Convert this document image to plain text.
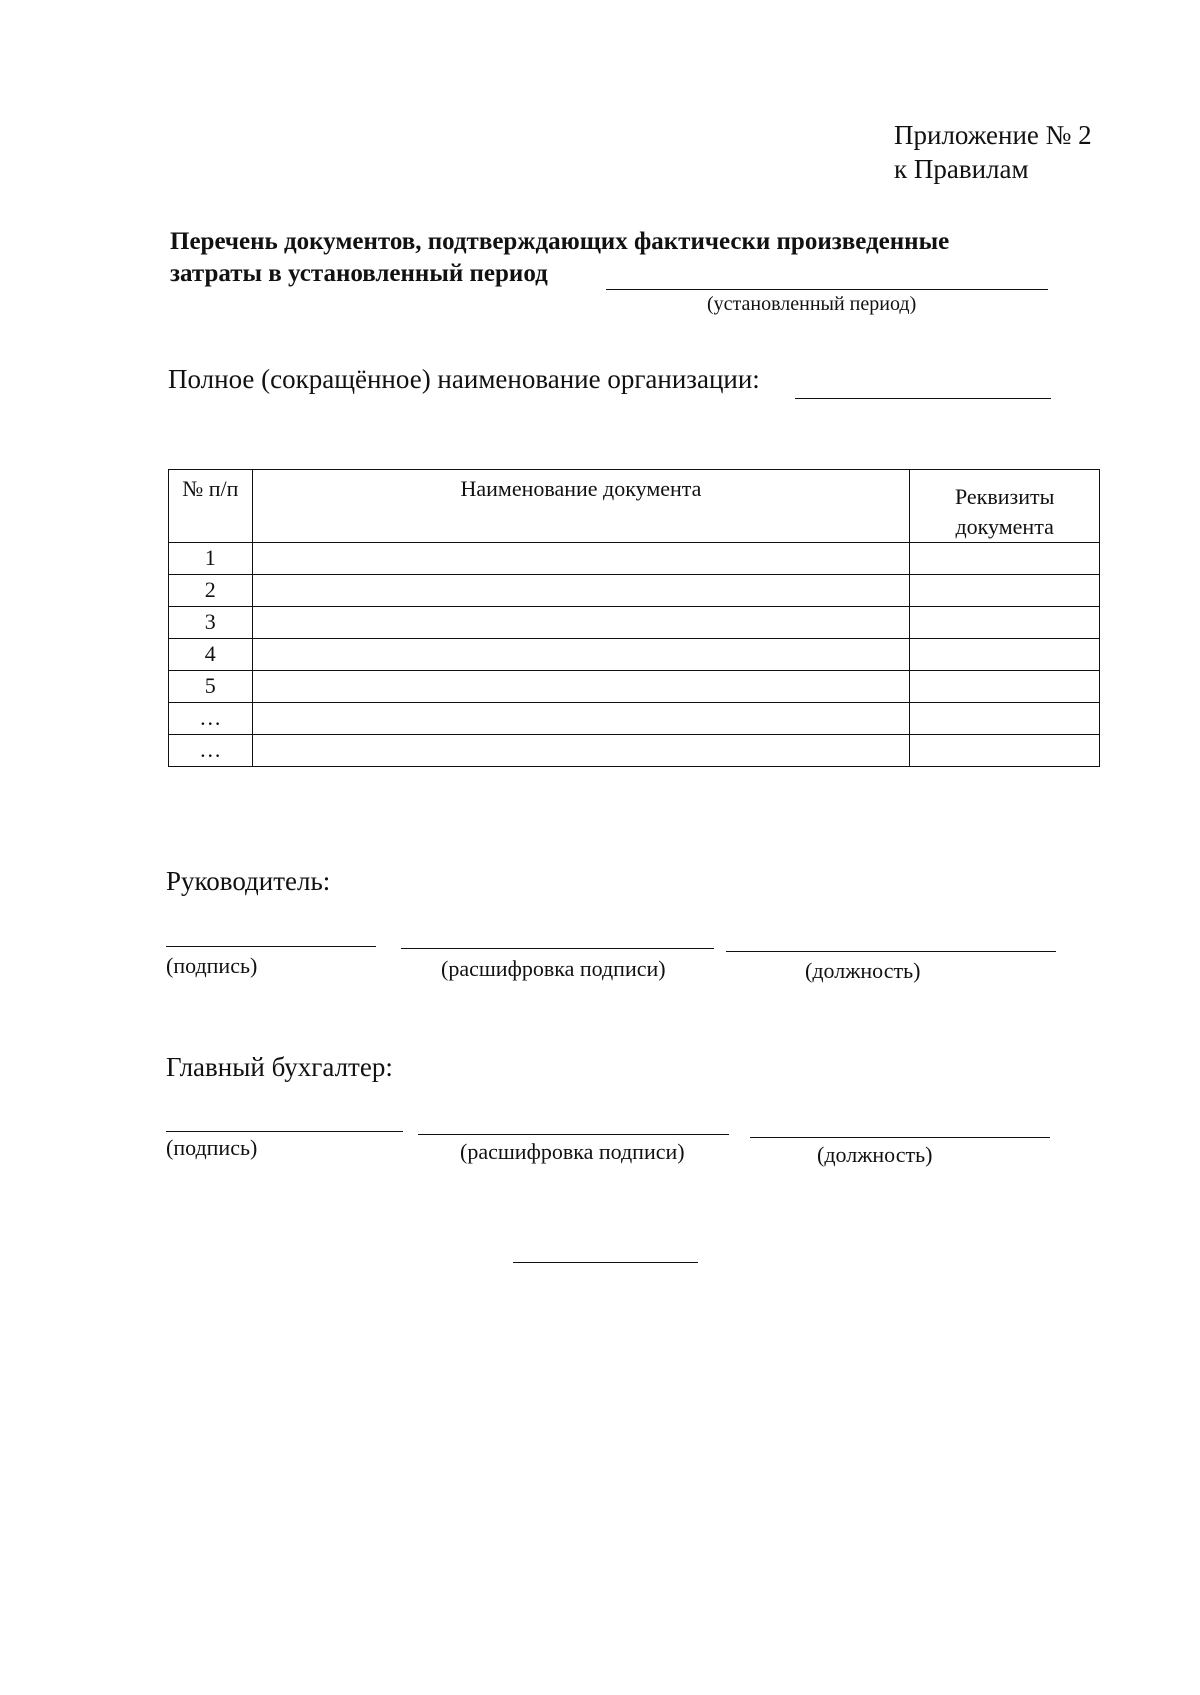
Приложение № 2
к Правилам
Перечень документов, подтверждающих фактически произведенные
затраты в установленный период
(установленный период)
Полное (сокращённое) наименование организации:
№ п/п	Наименование документа	Реквизиты документа

1		
2		
3		
4		
5		
…		
…		
Руководитель:
(подпись)	(расшифровка подписи)	(должность)
Главный бухгалтер:
(подпись)	(расшифровка подписи)	(должность)
